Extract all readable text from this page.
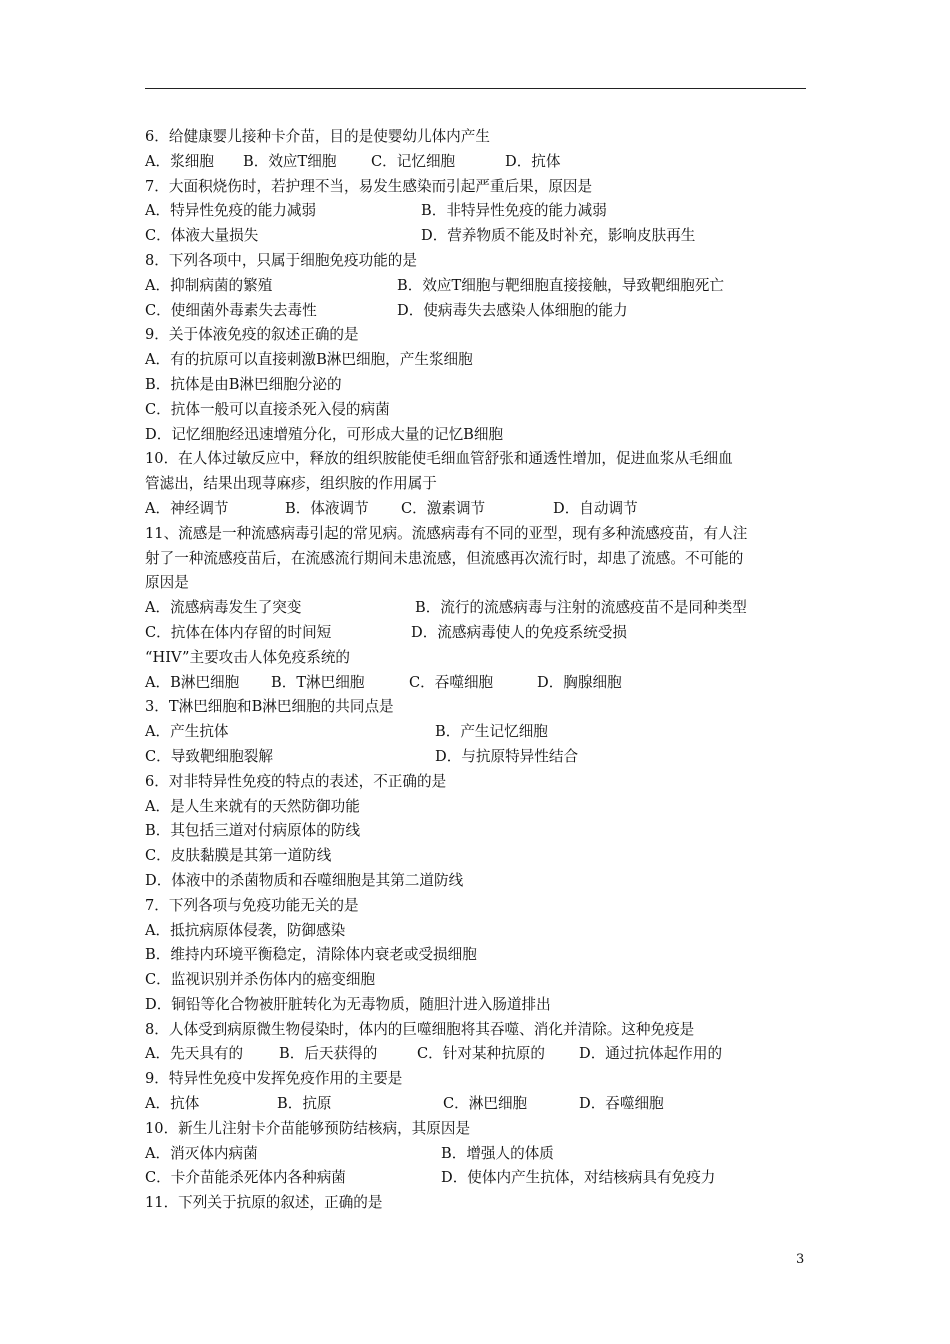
6．给健康婴儿接种卡介苗，目的是使婴幼儿体内产生
A．浆细胞 B．效应T细胞 C．记忆细胞	D．抗体
7．大面积烧伤时，若护理不当，易发生感染而引起严重后果，原因是
A．特异性免疫的能力减弱	B．非特异性免疫的能力减弱
C．体液大量损失	D．营养物质不能及时补充，影响皮肤再生
8．下列各项中，只属于细胞免疫功能的是
A．抑制病菌的繁殖	B．效应T细胞与靶细胞直接接触，导致靶细胞死亡
C．使细菌外毒素失去毒性	D．使病毒失去感染人体细胞的能力
9．关于体液免疫的叙述正确的是
A．有的抗原可以直接刺激B淋巴细胞，产生浆细胞
B．抗体是由B淋巴细胞分泌的
C．抗体一般可以直接杀死入侵的病菌
D．记忆细胞经迅速增殖分化，可形成大量的记忆B细胞
10．在人体过敏反应中，释放的组织胺能使毛细血管舒张和通透性增加，促进血浆从毛细血
管滤出，结果出现荨麻疹，组织胺的作用属于
A．神经调节	B．体液调节 C．激素调节	D．自动调节
11、流感是一种流感病毒引起的常见病。流感病毒有不同的亚型，现有多种流感疫苗，有人注
射了一种流感疫苗后，在流感流行期间未患流感，但流感再次流行时，却患了流感。不可能的
原因是
A．流感病毒发生了突变	B．流行的流感病毒与注射的流感疫苗不是同种类型
C．抗体在体内存留的时间短	D．流感病毒使人的免疫系统受损
“HIV”主要攻击人体免疫系统的
A．B淋巴细胞 B．T淋巴细胞	C．吞噬细胞	D．胸腺细胞
3．T淋巴细胞和B淋巴细胞的共同点是
A．产生抗体	B．产生记忆细胞
C．导致靶细胞裂解	D．与抗原特异性结合
6．对非特异性免疫的特点的表述，不正确的是
A．是人生来就有的天然防御功能
B．其包括三道对付病原体的防线
C．皮肤黏膜是其第一道防线
D．体液中的杀菌物质和吞噬细胞是其第二道防线
7．下列各项与免疫功能无关的是
A．抵抗病原体侵袭，防御感染
B．维持内环境平衡稳定，清除体内衰老或受损细胞
C．监视识别并杀伤体内的癌变细胞
D．铜铅等化合物被肝脏转化为无毒物质，随胆汁进入肠道排出
8．人体受到病原微生物侵染时，体内的巨噬细胞将其吞噬、消化并清除。这种免疫是
A．先天具有的 B．后天获得的	C．针对某种抗原的 D．通过抗体起作用的
9．特异性免疫中发挥免疫作用的主要是
A．抗体	B．抗原	C．淋巴细胞	D．吞噬细胞
10．新生儿注射卡介苗能够预防结核病，其原因是
A．消灭体内病菌	B．增强人的体质
C．卡介苗能杀死体内各种病菌	D．使体内产生抗体，对结核病具有免疫力
11．下列关于抗原的叙述，正确的是
3
